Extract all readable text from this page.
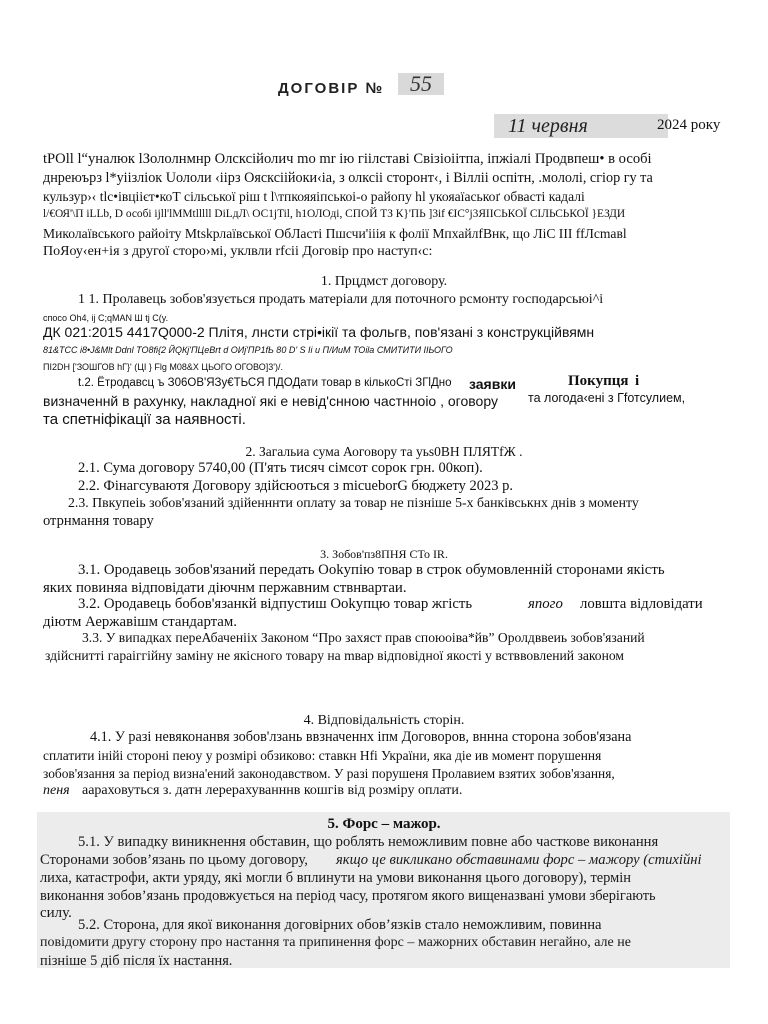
ДОГОВІР №	55
11 червня	2024 року
tPOll l“уналюк lЗололнмнр Олсксійолич mo mr ію гіілставі Свізіоіітпа, іпжіалі Продвпеш• в особі
днреюърз l*уіізліок Uололи ‹іірз Оясксіійоки‹іа, з олксіі сторонт‹, і Вілліі оспітн, .мололі, сгіор гу та
кульзур›‹ tlc•івціієт•коТ сільської ріш t l\тпкояяіпськоі-о райопу hl укояаїаськоґ обвасті кадалі
l/€ОЯ'\П iLLb, D особі ijll'lMMtlllll DiLдЛ\ ОС1jTil, h1ОЛОді, СПОЙ ТЗ К}'ПЬ ]3if €ІС°ј3ЯІІСЬКОЇ СІЛЬСЬКОЇ }ЕЗДИ
Миколаївського райоіту Mtskрлаївської ОбЛасті Пшсчи'ііія к фолії МпхайлfВнк, що ЛіС ІІІ ffЛсmавl
ПоЯоу‹ен+ія з другої сторо›мі, уклвли rfcii Договір про наступ‹с:
1. Прцдмст договору.
1 1. Пролавець зобов'язується продать матеріали для поточного рсмонту господарсьюі^і
спосо Oh4, ij C;qMAN Ш tj C(y.
ДК 021:2015 4417Q000-2 Плітя, лнсти стрі•ікії та фольгв, пов'язані з конструкційвямн
81&TCC i8•J&Mlt Ddnl TO8fi{2 ЙQКj'ПЦеBrt d ОИј'ПР1fЬ 80 D' S Ii u П/ИиМ ТОіlа СМИТИТИ IIЬОГО
ПI2DН ['ЗОШГОВ hГ}' (ЦІ } Flg М08&Х ЦЬОГО ОГОВО]3')/.
t.2. Ётродавсц ъ З06ОВ'ЯЗу€ТЬСЯ ПДОДати товар в кількоСті ЗГlДно заявки	Покупця і
визначеннй в рахунку, накладної які е невід'снною частнноіо , оговору та логода‹ені з Гfотсулием,
та спетніфікації за наявності.
2. Загальиа сума Аоговору та уьs0ВН ПЛЯТfЖ .
2.1. Сума договору 5740,00 (П'ять тисяч сімсот сорок грн. 00коп).
2.2. Фінагсуваютя Договору здійсюоться з micueborG бюджету 2023 р.
2.3. Пвкупеіь зобов'язаний здійенннти оплату за товар не пізніше 5-х банківськнх днів з моменту
отрнмання товару
3. Зобов'пз8ПНЯ СТо IR.
3.1. Ородавець зобов'язаний передать Ооkупію товар в строк обумовленній сторонами якість
яких повиняа відповідати діючнм пержавним ствнвартаи.
3.2. Ородавець бобов'язанкй відпустиш Ооkупцю товар жгість	япого ловшта відловідати
діютм Аержавішм стандартам.
3.3. У випадках переАбаченііх Законом “Про захяст прав споюоіва*йв” Оролдввеиь зобов'язаний
здійснитті гараіггійну заміну не якісного товару на mвар відповідної якості у встввовлений законом
4. Відповідальність сторін.
4.1. У разі невяконанвя зобов'лзань ввзначеннх іпм Договоров, вннна сторона зобов'язана
сплатити інійі стороні пеюу у розмірі обзиково: ставкн Hfi України, яка діе ив момент порушення
зобов'язання за період визна'ений законодавством. У разі порушеня Пролавием взятих зобов'язання,
пеня аараховуться з. датн лерерахуванннв кошгів від розміру оплати.
5. Форс – мажор.
5.1. У випадку виникнення обставин, що роблять неможливим повне або часткове виконання
Сторонами зобов’язань по цьому договору, якщо це викликано обставинами форс – мажору (стихійні
лиха, катастрофи, акти уряду, які могли б вплинути на умови виконання цього договору), термін
виконання зобов’язань продовжується на період часу, протягом якого вищеназвані умови зберігають
силу.
5.2. Сторона, для якої виконання договірних обов’язків стало неможливим, повинна
повідомити другу сторону про настання та припинення форс – мажорних обставин негайно, але не
пізніше 5 діб після їх настання.
